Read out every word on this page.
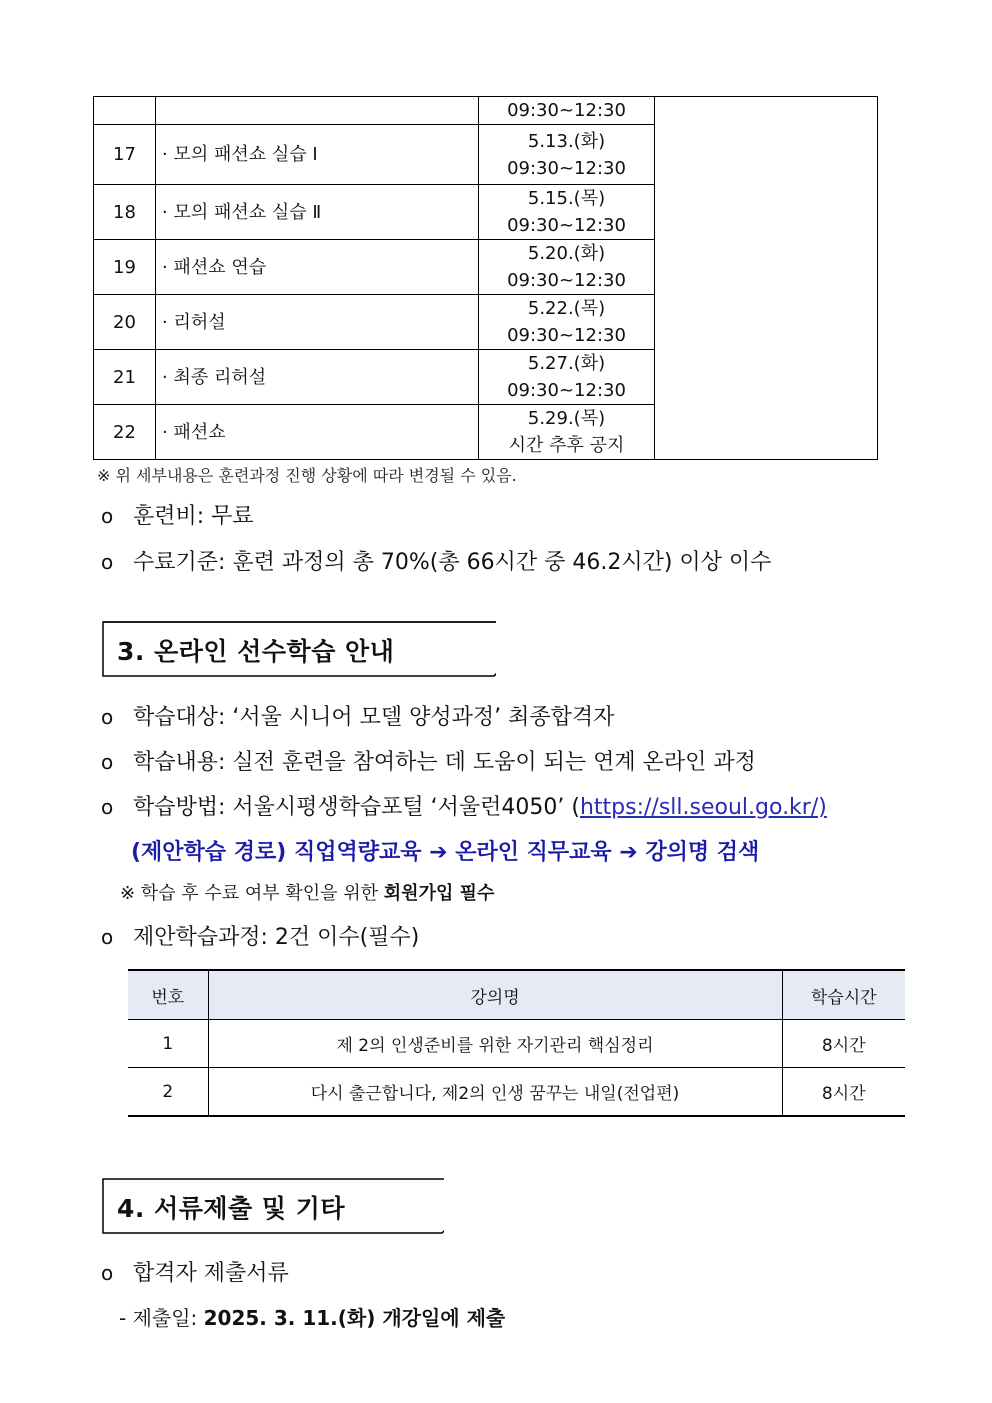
		09:30~12:30	
17	· 모의 패션쇼 실습 Ⅰ	5.13.(화)
09:30~12:30	

18	· 모의 패션쇼 실습 Ⅱ	5.15.(목)
09:30~12:30	

19	· 패션쇼 연습	5.20.(화)
09:30~12:30	

20	· 리허설	5.22.(목)
09:30~12:30	

21	· 최종 리허설	5.27.(화)
09:30~12:30	

22	· 패션쇼	5.29.(목)
시간 추후 공지	
※ 위 세부내용은 훈련과정 진행 상황에 따라 변경될 수 있음.
o 훈련비: 무료
o 수료기준: 훈련 과정의 총 70%(총 66시간 중 46.2시간) 이상 이수
3. 온라인 선수학습 안내
o 학습대상: ‘서울 시니어 모델 양성과정’ 최종합격자
o 학습내용: 실전 훈련을 참여하는 데 도움이 되는 연계 온라인 과정
o 학습방법: 서울시평생학습포털 ‘서울런4050’ (https://sll.seoul.go.kr/)
(제안학습 경로) 직업역량교육 ➔ 온라인 직무교육 ➔ 강의명 검색
※ 학습 후 수료 여부 확인을 위한 회원가입 필수
o 제안학습과정: 2건 이수(필수)
번호	강의명	학습시간
1	제 2의 인생준비를 위한 자기관리 핵심정리	8시간
2	다시 출근합니다, 제2의 인생 꿈꾸는 내일(전업편)	8시간
4. 서류제출 및 기타
o 합격자 제출서류
- 제출일: 2025. 3. 11.(화) 개강일에 제출
